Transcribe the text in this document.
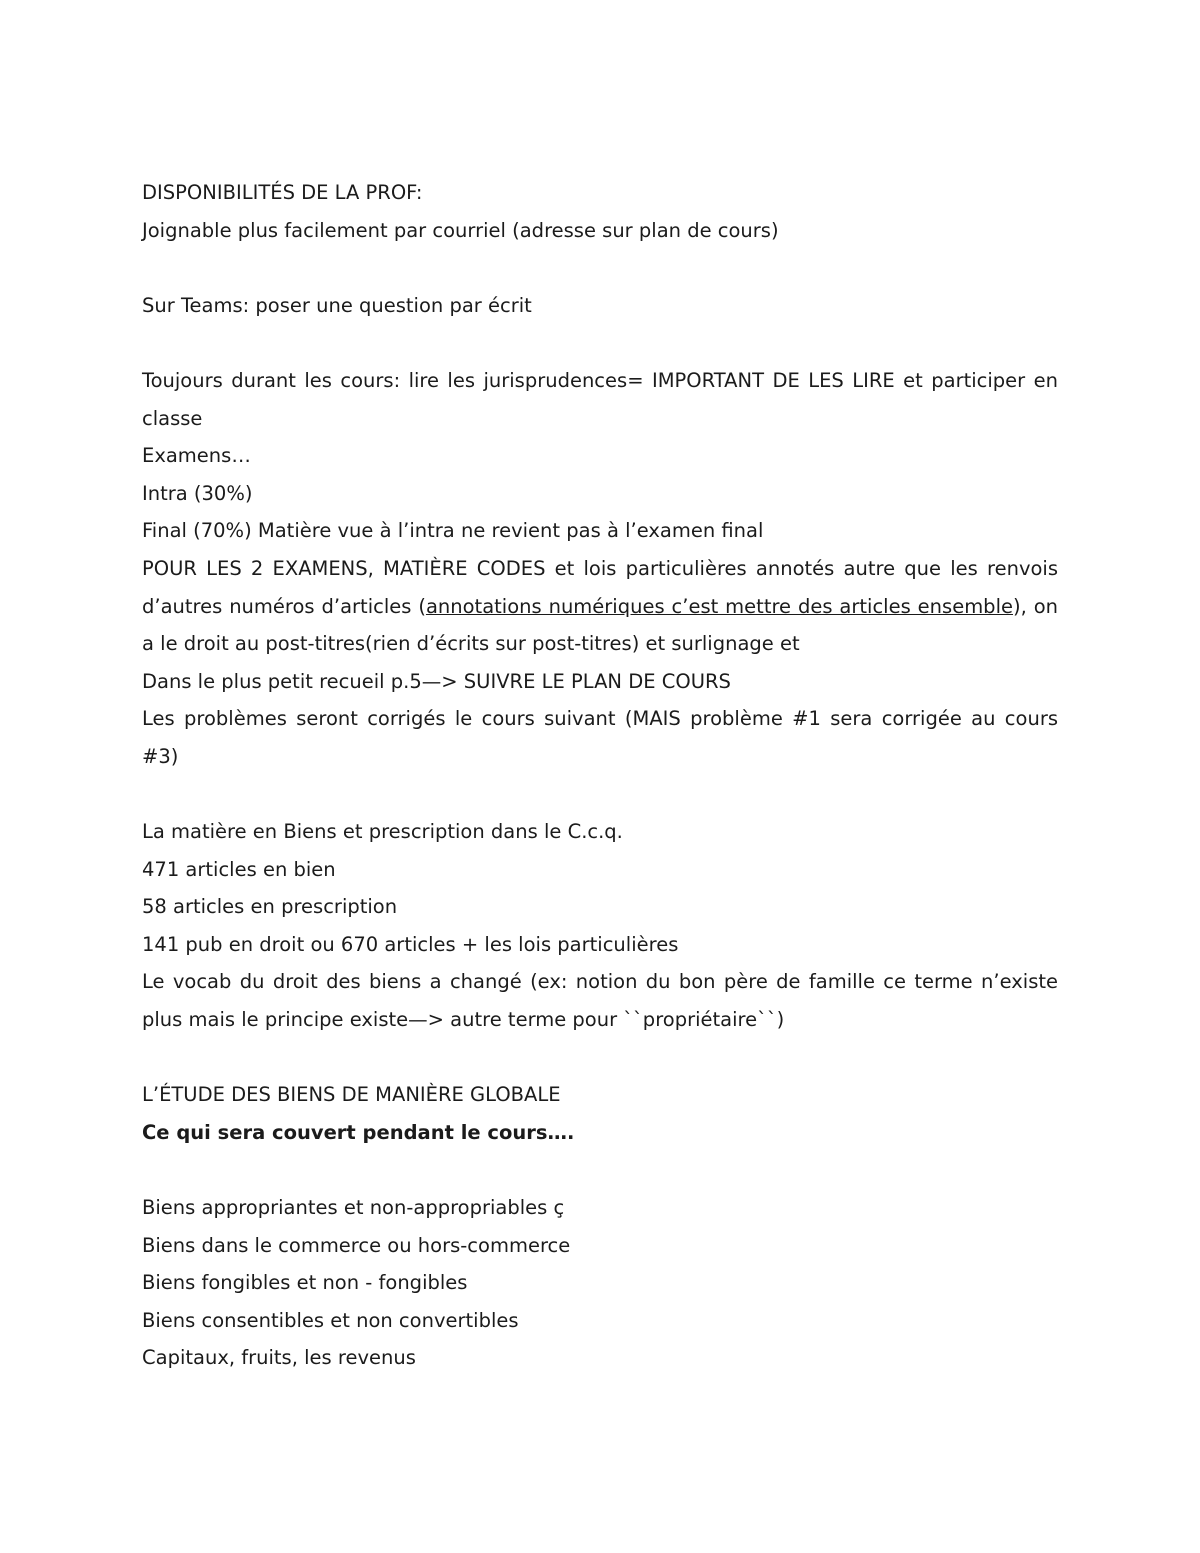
DISPONIBILITÉS DE LA PROF:
Joignable plus facilement par courriel (adresse sur plan de cours)
Sur Teams: poser une question par écrit
Toujours durant les cours: lire les jurisprudences= IMPORTANT DE LES LIRE et participer en classe
Examens…
Intra (30%)
Final (70%) Matière vue à l’intra ne revient pas à l’examen final
POUR LES 2 EXAMENS, MATIÈRE CODES et lois particulières annotés autre que les renvois d’autres numéros d’articles (annotations numériques c’est mettre des articles ensemble), on a le droit au post-titres(rien d’écrits sur post-titres) et surlignage et
Dans le plus petit recueil p.5—> SUIVRE LE PLAN DE COURS
Les problèmes seront corrigés le cours suivant (MAIS problème #1 sera corrigée au cours #3)
La matière en Biens et prescription dans le C.c.q.
471 articles en bien
58 articles en prescription
141 pub en droit ou 670 articles + les lois particulières
Le vocab du droit des biens a changé (ex: notion du bon père de famille ce terme n’existe plus mais le principe existe—> autre terme pour ``propriétaire``)
L’ÉTUDE DES BIENS DE MANIÈRE GLOBALE
Ce qui sera couvert pendant le cours….
Biens appropriantes et non-appropriables ç
Biens dans le commerce ou hors-commerce
Biens fongibles et non - fongibles
Biens consentibles et non convertibles
Capitaux, fruits, les revenus
